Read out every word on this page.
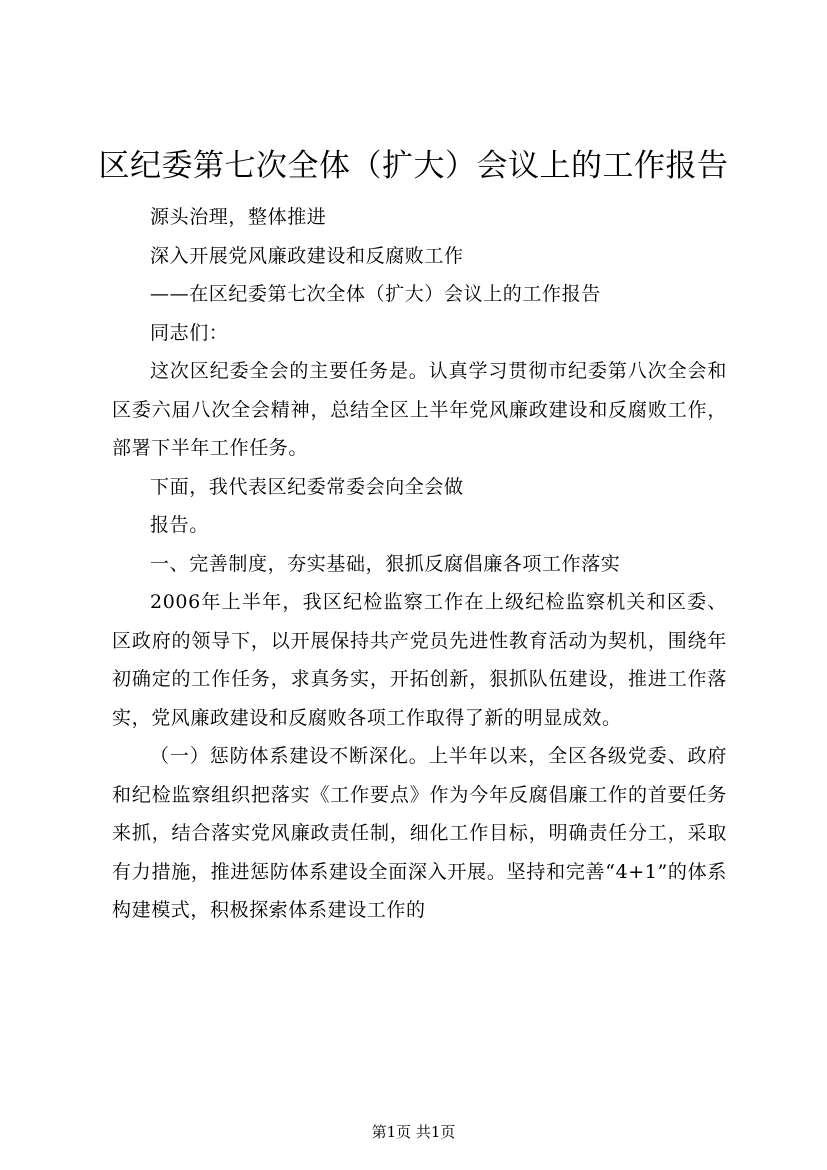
区纪委第七次全体（扩大）会议上的工作报告

源头治理，整体推进

深入开展党风廉政建设和反腐败工作

——在区纪委第七次全体（扩大）会议上的工作报告

同志们：

这次区纪委全会的主要任务是。认真学习贯彻市纪委第八次全会和区委六届八次全会精神，总结全区上半年党风廉政建设和反腐败工作，部署下半年工作任务。

下面，我代表区纪委常委会向全会做

报告。

一、完善制度，夯实基础，狠抓反腐倡廉各项工作落实

2006年上半年，我区纪检监察工作在上级纪检监察机关和区委、区政府的领导下，以开展保持共产党员先进性教育活动为契机，围绕年初确定的工作任务，求真务实，开拓创新，狠抓队伍建设，推进工作落实，党风廉政建设和反腐败各项工作取得了新的明显成效。

（一）惩防体系建设不断深化。上半年以来，全区各级党委、政府和纪检监察组织把落实《工作要点》作为今年反腐倡廉工作的首要任务来抓，结合落实党风廉政责任制，细化工作目标，明确责任分工，采取有力措施，推进惩防体系建设全面深入开展。坚持和完善“4+1”的体系构建模式，积极探索体系建设工作的

第1页 共1页
